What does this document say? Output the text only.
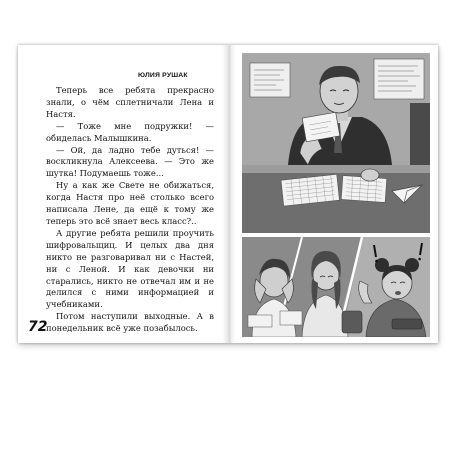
ЮЛИЯ РУШАК

Теперь все ребята прекрасно знали, о чём сплетничали Лена и Настя.

— Тоже мне подружки! — обиделась Малышкина.

— Ой, да ладно тебе дуться! — воскликнула Алексеева. — Это же шутка! Подумаешь тоже...

Ну а как же Свете не обижаться, когда Настя про неё столько всего написала Лене, да ещё к тому же теперь это всё знает весь класс?..

А другие ребята решили проучить шифровальщиц. И целых два дня никто не разговаривал ни с Настей, ни с Леной. И как девочки ни старались, никто не отвечал им и не делился с ними информацией и учебниками.

Потом наступили выходные. А в понедельник всё уже позабылось.

72
